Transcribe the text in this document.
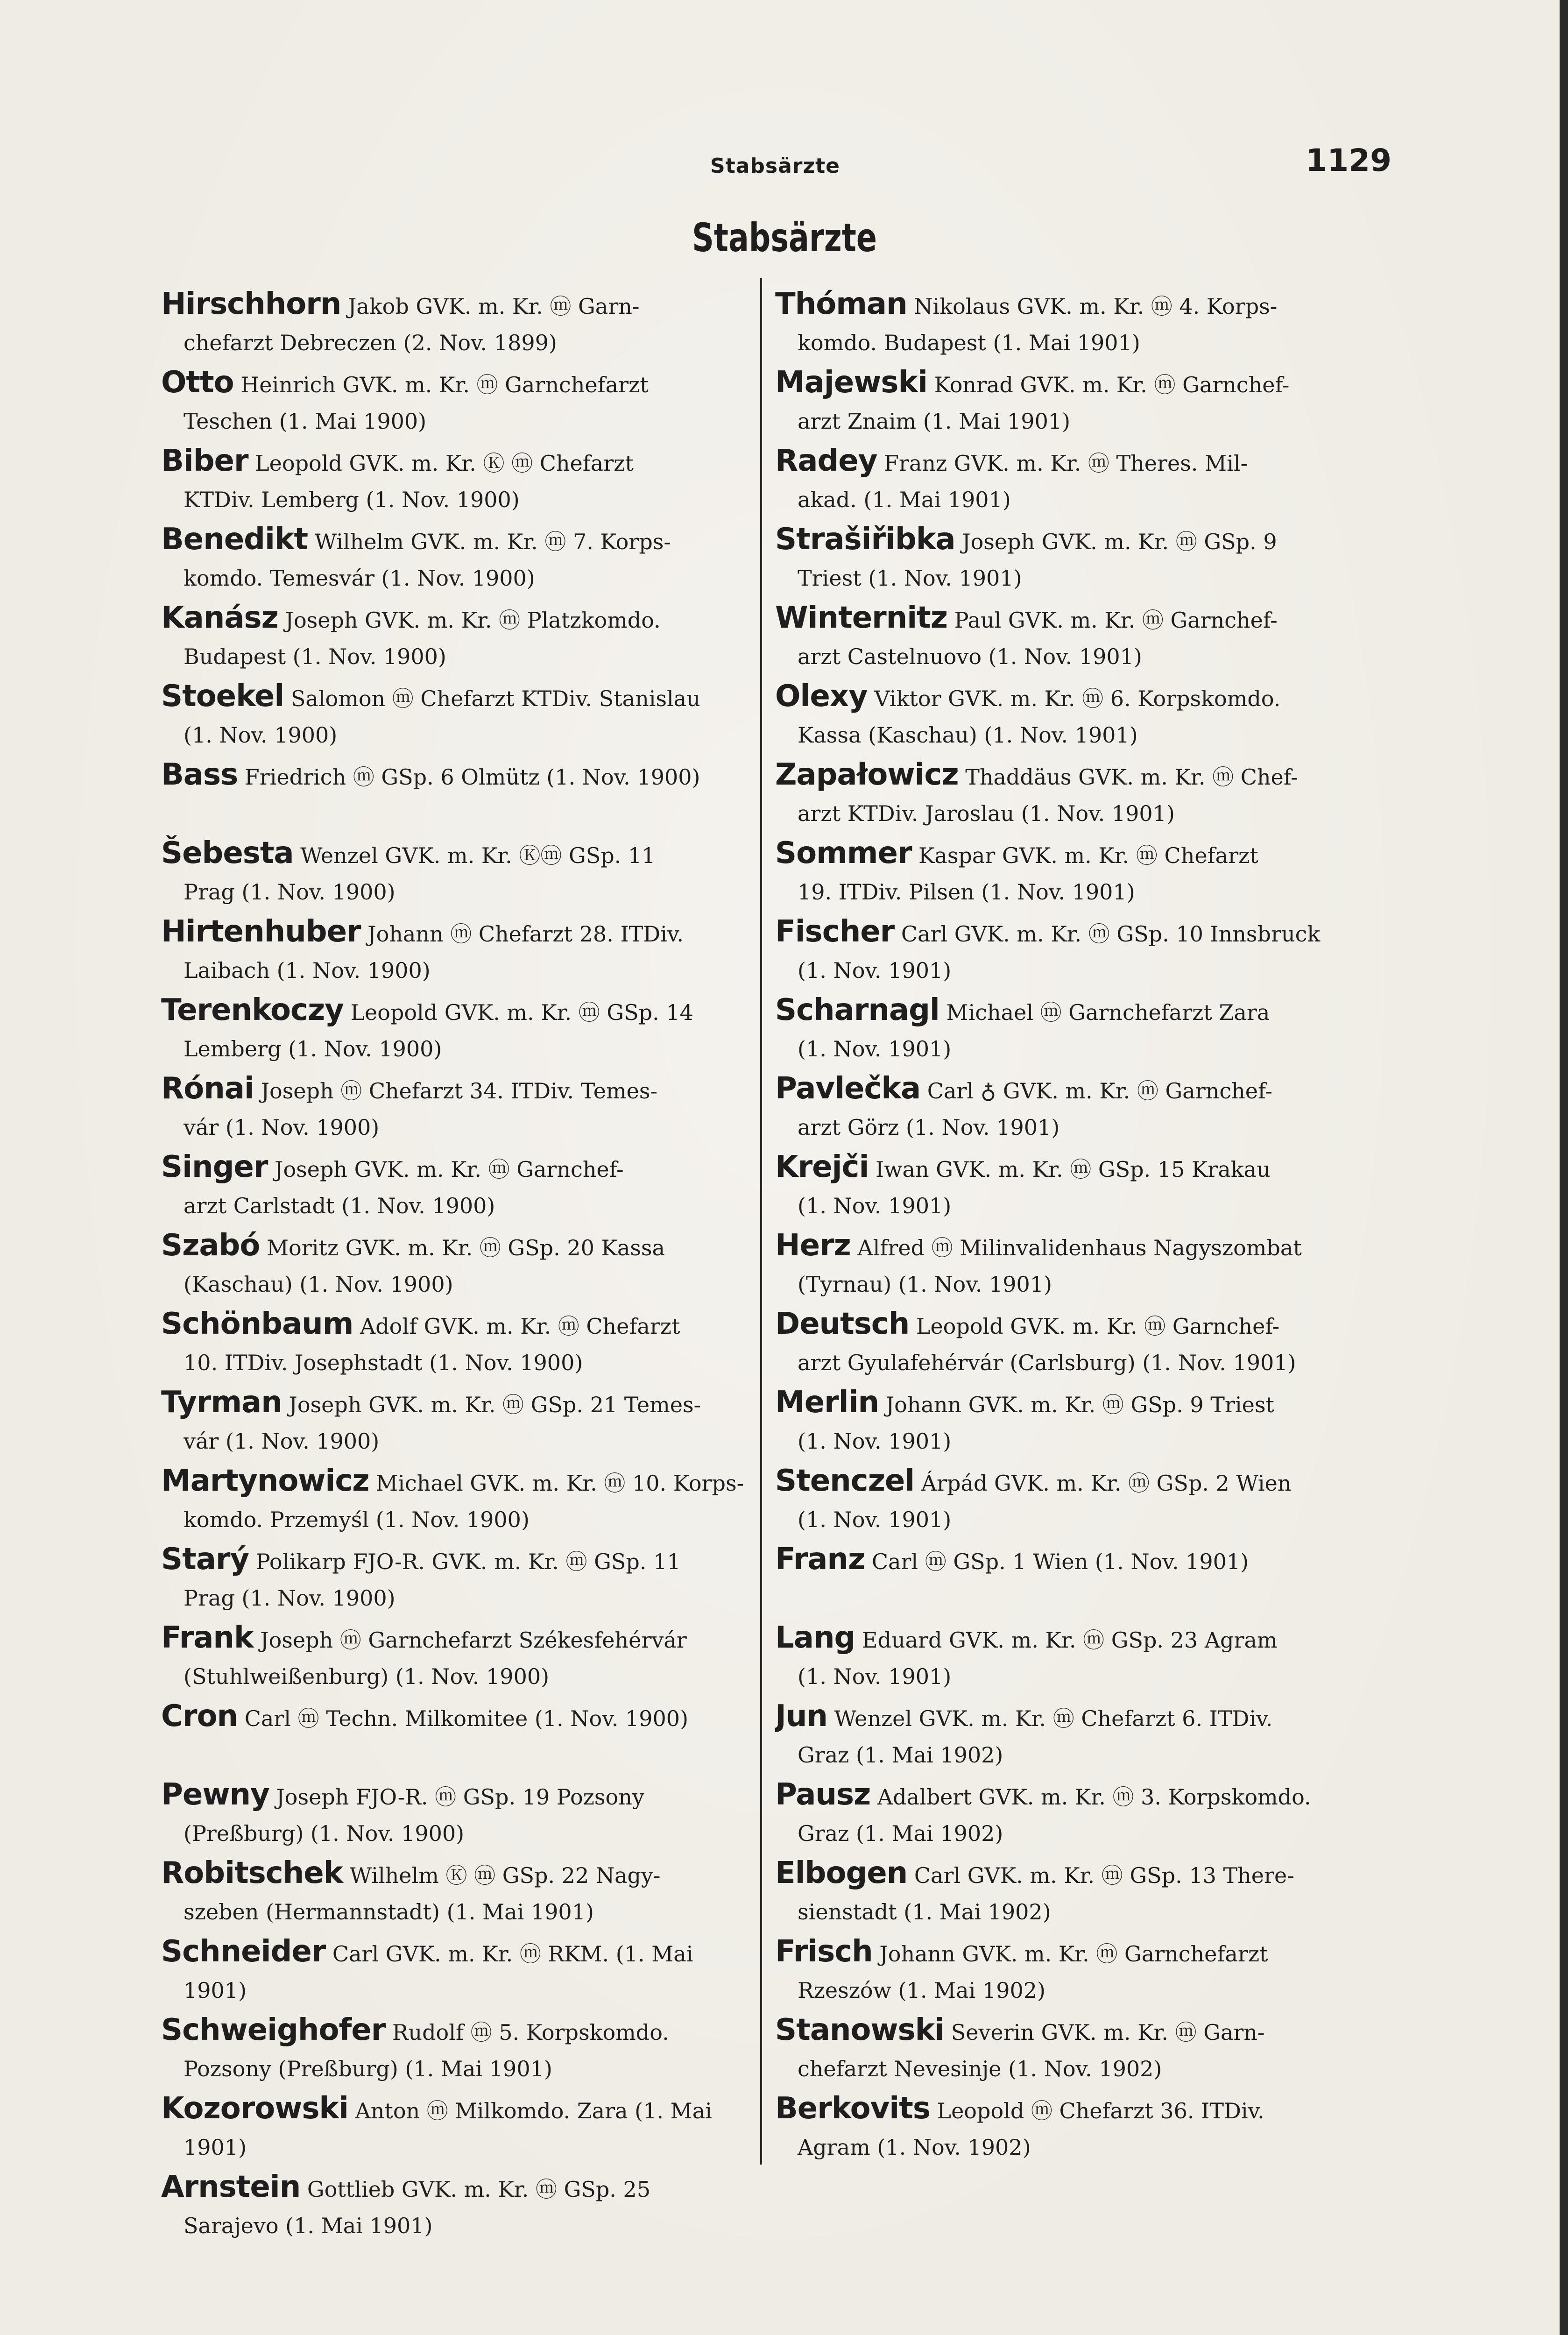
Stabsärzte	1129
Stabsärzte
Hirschhorn Jakob GVK. m. Kr. ⓜ Garn-
chefarzt Debreczen (2. Nov. 1899)
Otto Heinrich GVK. m. Kr. ⓜ Garnchefarzt
Teschen (1. Mai 1900)
Biber Leopold GVK. m. Kr. Ⓚ ⓜ Chefarzt
KTDiv. Lemberg (1. Nov. 1900)
Benedikt Wilhelm GVK. m. Kr. ⓜ 7. Korps-
komdo. Temesvár (1. Nov. 1900)
Kanász Joseph GVK. m. Kr. ⓜ Platzkomdo.
Budapest (1. Nov. 1900)
Stoekel Salomon ⓜ Chefarzt KTDiv. Stanislau
(1. Nov. 1900)
Bass Friedrich ⓜ GSp. 6 Olmütz (1. Nov. 1900)
Šebesta Wenzel GVK. m. Kr. Ⓚⓜ GSp. 11
Prag (1. Nov. 1900)
Hirtenhuber Johann ⓜ Chefarzt 28. ITDiv.
Laibach (1. Nov. 1900)
Terenkoczy Leopold GVK. m. Kr. ⓜ GSp. 14
Lemberg (1. Nov. 1900)
Rónai Joseph ⓜ Chefarzt 34. ITDiv. Temes-
vár (1. Nov. 1900)
Singer Joseph GVK. m. Kr. ⓜ Garnchef-
arzt Carlstadt (1. Nov. 1900)
Szabó Moritz GVK. m. Kr. ⓜ GSp. 20 Kassa
(Kaschau) (1. Nov. 1900)
Schönbaum Adolf GVK. m. Kr. ⓜ Chefarzt
10. ITDiv. Josephstadt (1. Nov. 1900)
Tyrman Joseph GVK. m. Kr. ⓜ GSp. 21 Temes-
vár (1. Nov. 1900)
Martynowicz Michael GVK. m. Kr. ⓜ 10. Korps-
komdo. Przemyśl (1. Nov. 1900)
Starý Polikarp FJO-R. GVK. m. Kr. ⓜ GSp. 11
Prag (1. Nov. 1900)
Frank Joseph ⓜ Garnchefarzt Székesfehérvár
(Stuhlweißenburg) (1. Nov. 1900)
Cron Carl ⓜ Techn. Milkomitee (1. Nov. 1900)
Pewny Joseph FJO-R. ⓜ GSp. 19 Pozsony
(Preßburg) (1. Nov. 1900)
Robitschek Wilhelm Ⓚ ⓜ GSp. 22 Nagy-
szeben (Hermannstadt) (1. Mai 1901)
Schneider Carl GVK. m. Kr. ⓜ RKM. (1. Mai
1901)
Schweighofer Rudolf ⓜ 5. Korpskomdo.
Pozsony (Preßburg) (1. Mai 1901)
Kozorowski Anton ⓜ Milkomdo. Zara (1. Mai
1901)
Arnstein Gottlieb GVK. m. Kr. ⓜ GSp. 25
Sarajevo (1. Mai 1901)
Thóman Nikolaus GVK. m. Kr. ⓜ 4. Korps-
komdo. Budapest (1. Mai 1901)
Majewski Konrad GVK. m. Kr. ⓜ Garnchef-
arzt Znaim (1. Mai 1901)
Radey Franz GVK. m. Kr. ⓜ Theres. Mil-
akad. (1. Mai 1901)
Strašiřibka Joseph GVK. m. Kr. ⓜ GSp. 9
Triest (1. Nov. 1901)
Winternitz Paul GVK. m. Kr. ⓜ Garnchef-
arzt Castelnuovo (1. Nov. 1901)
Olexy Viktor GVK. m. Kr. ⓜ 6. Korpskomdo.
Kassa (Kaschau) (1. Nov. 1901)
Zapałowicz Thaddäus GVK. m. Kr. ⓜ Chef-
arzt KTDiv. Jaroslau (1. Nov. 1901)
Sommer Kaspar GVK. m. Kr. ⓜ Chefarzt
19. ITDiv. Pilsen (1. Nov. 1901)
Fischer Carl GVK. m. Kr. ⓜ GSp. 10 Innsbruck
(1. Nov. 1901)
Scharnagl Michael ⓜ Garnchefarzt Zara
(1. Nov. 1901)
Pavlečka Carl ♁ GVK. m. Kr. ⓜ Garnchef-
arzt Görz (1. Nov. 1901)
Krejči Iwan GVK. m. Kr. ⓜ GSp. 15 Krakau
(1. Nov. 1901)
Herz Alfred ⓜ Milinvalidenhaus Nagyszombat
(Tyrnau) (1. Nov. 1901)
Deutsch Leopold GVK. m. Kr. ⓜ Garnchef-
arzt Gyulafehérvár (Carlsburg) (1. Nov. 1901)
Merlin Johann GVK. m. Kr. ⓜ GSp. 9 Triest
(1. Nov. 1901)
Stenczel Árpád GVK. m. Kr. ⓜ GSp. 2 Wien
(1. Nov. 1901)
Franz Carl ⓜ GSp. 1 Wien (1. Nov. 1901)
Lang Eduard GVK. m. Kr. ⓜ GSp. 23 Agram
(1. Nov. 1901)
Jun Wenzel GVK. m. Kr. ⓜ Chefarzt 6. ITDiv.
Graz (1. Mai 1902)
Pausz Adalbert GVK. m. Kr. ⓜ 3. Korpskomdo.
Graz (1. Mai 1902)
Elbogen Carl GVK. m. Kr. ⓜ GSp. 13 There-
sienstadt (1. Mai 1902)
Frisch Johann GVK. m. Kr. ⓜ Garnchefarzt
Rzeszów (1. Mai 1902)
Stanowski Severin GVK. m. Kr. ⓜ Garn-
chefarzt Nevesinje (1. Nov. 1902)
Berkovits Leopold ⓜ Chefarzt 36. ITDiv.
Agram (1. Nov. 1902)
